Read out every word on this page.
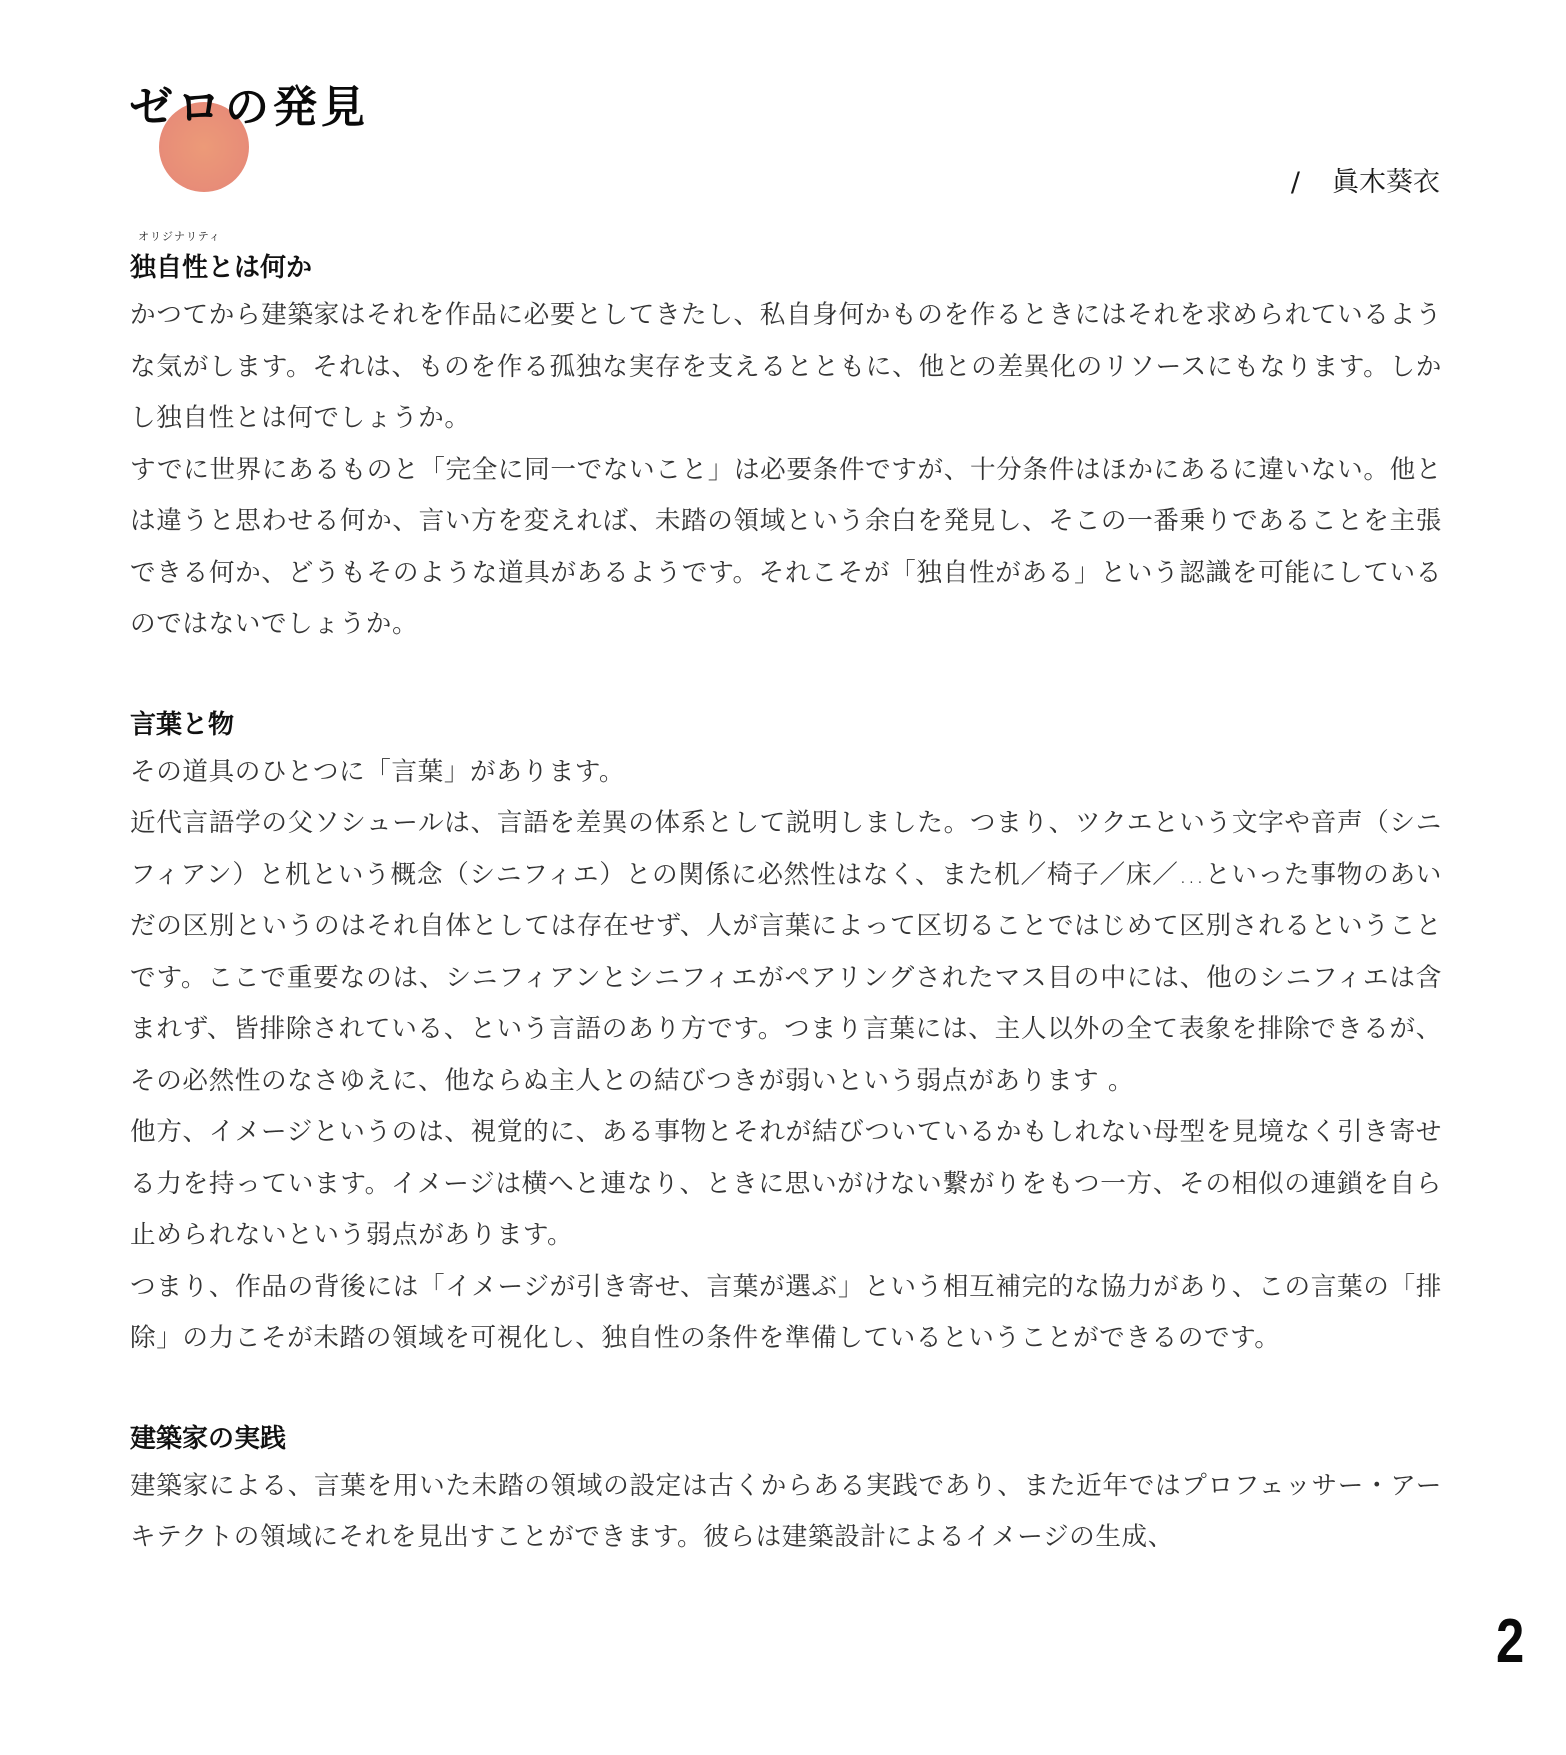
ゼロの発見
/ 眞木葵衣
オリジナリティ
独自性とは何か

かつてから建築家はそれを作品に必要としてきたし、私自身何かものを作るときにはそれを求められているような気がします。それは、ものを作る孤独な実存を支えるとともに、他との差異化のリソースにもなります。しかし独自性とは何でしょうか。

すでに世界にあるものと「完全に同一でないこと」は必要条件ですが、十分条件はほかにあるに違いない。他とは違うと思わせる何か、言い方を変えれば、未踏の領域という余白を発見し、そこの一番乗りであることを主張できる何か、どうもそのような道具があるようです。それこそが「独自性がある」という認識を可能にしているのではないでしょうか。

言葉と物

その道具のひとつに「言葉」があります。

近代言語学の父ソシュールは、言語を差異の体系として説明しました。つまり、ツクエという文字や音声（シニフィアン）と机という概念（シニフィエ）との関係に必然性はなく、また机／椅子／床／…といった事物のあいだの区別というのはそれ自体としては存在せず、人が言葉によって区切ることではじめて区別されるということです。ここで重要なのは、シニフィアンとシニフィエがペアリングされたマス目の中には、他のシニフィエは含まれず、皆排除されている、という言語のあり方です。つまり言葉には、主人以外の全て表象を排除できるが、その必然性のなさゆえに、他ならぬ主人との結びつきが弱いという弱点があります 。

他方、イメージというのは、視覚的に、ある事物とそれが結びついているかもしれない母型を見境なく引き寄せる力を持っています。イメージは横へと連なり、ときに思いがけない繋がりをもつ一方、その相似の連鎖を自ら止められないという弱点があります。

つまり、作品の背後には「イメージが引き寄せ、言葉が選ぶ」という相互補完的な協力があり、この言葉の「排除」の力こそが未踏の領域を可視化し、独自性の条件を準備しているということができるのです。

建築家の実践

建築家による、言葉を用いた未踏の領域の設定は古くからある実践であり、また近年ではプロフェッサー・アーキテクトの領域にそれを見出すことができます。彼らは建築設計によるイメージの生成、

2
